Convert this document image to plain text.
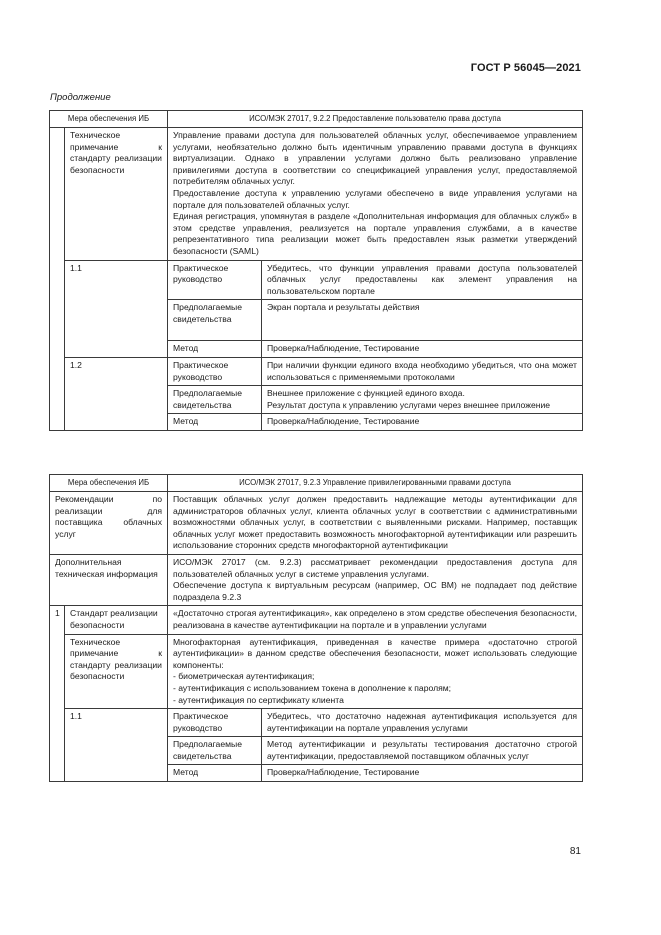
ГОСТ Р 56045—2021
Продолжение
Мера обеспечения ИБ		ИСО/МЭК 27017, 9.2.2 Предоставление пользователю права доступа	
	Техническое примечание к стандарту реализации безопасности	Управление правами доступа для пользователей облачных услуг, обеспечиваемое управлением услугами, необязательно должно быть идентичным управлению правами доступа в функциях виртуализации. Однако в управлении услугами должно быть реализовано управление привилегиями доступа в соответствии со спецификацией управления услуг, предоставляемой потребителям облачных услуг.

Предоставление доступа к управлению услугами обеспечено в виде управления услугами на портале для пользователей облачных услуг.

Единая регистрация, упомянутая в разделе «Дополнительная информация для облачных служб» в этом средстве управления, реализуется на портале управления службами, а в качестве репрезентативного типа реализации может быть предоставлен язык разметки утверждений безопасности (SAML)	

	1.1	Практическое руководство	Убедитесь, что функции управления правами доступа пользователей облачных услуг предоставлены как элемент управления на пользовательском портале
		Предполагаемые свидетельства	Экран портала и результаты действия
		Метод	Проверка/Наблюдение, Тестирование
	1.2	Практическое руководство	При наличии функции единого входа необходимо убедиться, что она может использоваться с применяемыми протоколами
		Предполагаемые свидетельства	Внешнее приложение с функцией единого входа.
Результат доступа к управлению услугами через внешнее приложение
		Метод	Проверка/Наблюдение, Тестирование
Мера обеспечения ИБ		ИСО/МЭК 27017, 9.2.3 Управление привилегированными правами доступа	
Рекомендации по реализации для поставщика облачных услуг		Поставщик облачных услуг должен предоставить надлежащие методы аутентификации для администраторов облачных услуг, клиента облачных услуг в соответствии с административными возможностями облачных услуг, в соответствии с выявленными рисками. Например, поставщик облачных услуг может предоставить возможность многофакторной аутентификации или разрешить использование сторонних средств многофакторной аутентификации	
Дополнительная техническая информация		ИСО/МЭК 27017 (см. 9.2.3) рассматривает рекомендации предоставления доступа для пользователей облачных услуг в системе управления услугами.

Обеспечение доступа к виртуальным ресурсам (например, ОС ВМ) не подпадает под действие подраздела 9.2.3	

1	Стандарт реализации безопасности	«Достаточно строгая аутентификация», как определено в этом средстве обеспечения безопасности, реализована в качестве аутентификации на портале и в управлении услугами	
	Техническое примечание к стандарту реализации безопасности	Многофакторная аутентификация, приведенная в качестве примера «достаточно строгой аутентификации» в данном средстве обеспечения безопасности, может использовать следующие компоненты:

- биометрическая аутентификация;

- аутентификация с использованием токена в дополнение к паролям;

- аутентификация по сертификату клиента	

	1.1	Практическое руководство	Убедитесь, что достаточно надежная аутентификация используется для аутентификации на портале управления услугами
		Предполагаемые свидетельства	Метод аутентификации и результаты тестирования достаточно строгой аутентификации, предоставляемой поставщиком облачных услуг
		Метод	Проверка/Наблюдение, Тестирование
81
